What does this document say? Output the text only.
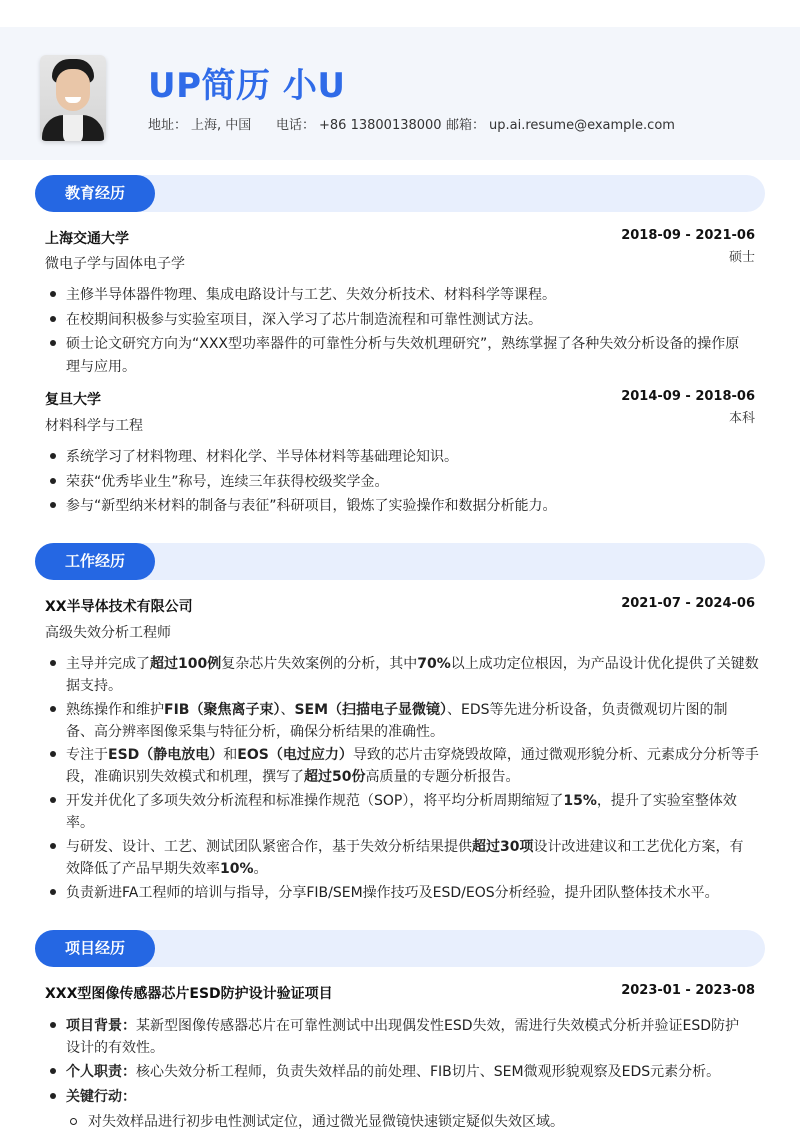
UP简历 小U
地址： 上海, 中国 电话： +86 13800138000 邮箱： up.ai.resume@example.com
教育经历
上海交通大学	2018-09 - 2021-06
微电子学与固体电子学	硕士
主修半导体器件物理、集成电路设计与工艺、失效分析技术、材料科学等课程。
在校期间积极参与实验室项目，深入学习了芯片制造流程和可靠性测试方法。
硕士论文研究方向为“XXX型功率器件的可靠性分析与失效机理研究”，熟练掌握了各种失效分析设备的操作原
理与应用。
复旦大学	2014-09 - 2018-06
材料科学与工程	本科
系统学习了材料物理、材料化学、半导体材料等基础理论知识。
荣获“优秀毕业生”称号，连续三年获得校级奖学金。
参与“新型纳米材料的制备与表征”科研项目，锻炼了实验操作和数据分析能力。
工作经历
XX半导体技术有限公司	2021-07 - 2024-06
高级失效分析工程师
主导并完成了超过100例复杂芯片失效案例的分析，其中70%以上成功定位根因，为产品设计优化提供了关键数
据支持。
熟练操作和维护FIB（聚焦离子束）、SEM（扫描电子显微镜）、EDS等先进分析设备，负责微观切片图的制
备、高分辨率图像采集与特征分析，确保分析结果的准确性。
专注于ESD（静电放电）和EOS（电过应力）导致的芯片击穿烧毁故障，通过微观形貌分析、元素成分分析等手
段，准确识别失效模式和机理，撰写了超过50份高质量的专题分析报告。
开发并优化了多项失效分析流程和标准操作规范（SOP），将平均分析周期缩短了15%，提升了实验室整体效
率。
与研发、设计、工艺、测试团队紧密合作，基于失效分析结果提供超过30项设计改进建议和工艺优化方案，有
效降低了产品早期失效率10%。
负责新进FA工程师的培训与指导，分享FIB/SEM操作技巧及ESD/EOS分析经验，提升团队整体技术水平。
项目经历
XXX型图像传感器芯片ESD防护设计验证项目	2023-01 - 2023-08
项目背景：某新型图像传感器芯片在可靠性测试中出现偶发性ESD失效，需进行失效模式分析并验证ESD防护
设计的有效性。
个人职责：核心失效分析工程师，负责失效样品的前处理、FIB切片、SEM微观形貌观察及EDS元素分析。
关键行动：
对失效样品进行初步电性测试定位，通过微光显微镜快速锁定疑似失效区域。
